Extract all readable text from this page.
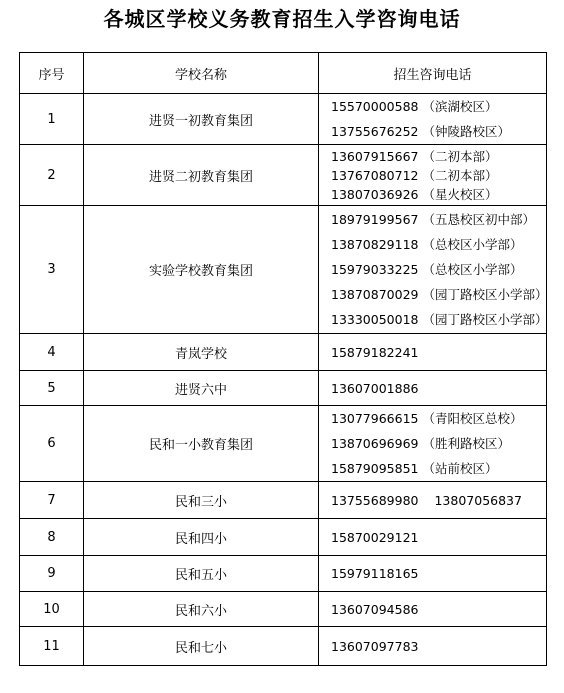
各城区学校义务教育招生入学咨询电话
序号	学校名称	招生咨询电话
1	进贤一初教育集团	15570000588 （滨湖校区）
13755676252 （钟陵路校区）

2	进贤二初教育集团	13607915667 （二初本部）
13767080712 （二初本部）
13807036926 （星火校区）

3	实验学校教育集团	18979199567 （五恳校区初中部）
13870829118 （总校区小学部）
15979033225 （总校区小学部）
13870870029 （园丁路校区小学部）
13330050018 （园丁路校区小学部）

4	青岚学校	15879182241

5	进贤六中	13607001886

6	民和一小教育集团	13077966615 （青阳校区总校）
13870696969 （胜利路校区）
15879095851 （站前校区）

7	民和三小	13755689980 13807056837

8	民和四小	15870029121

9	民和五小	15979118165

10	民和六小	13607094586

11	民和七小	13607097783
